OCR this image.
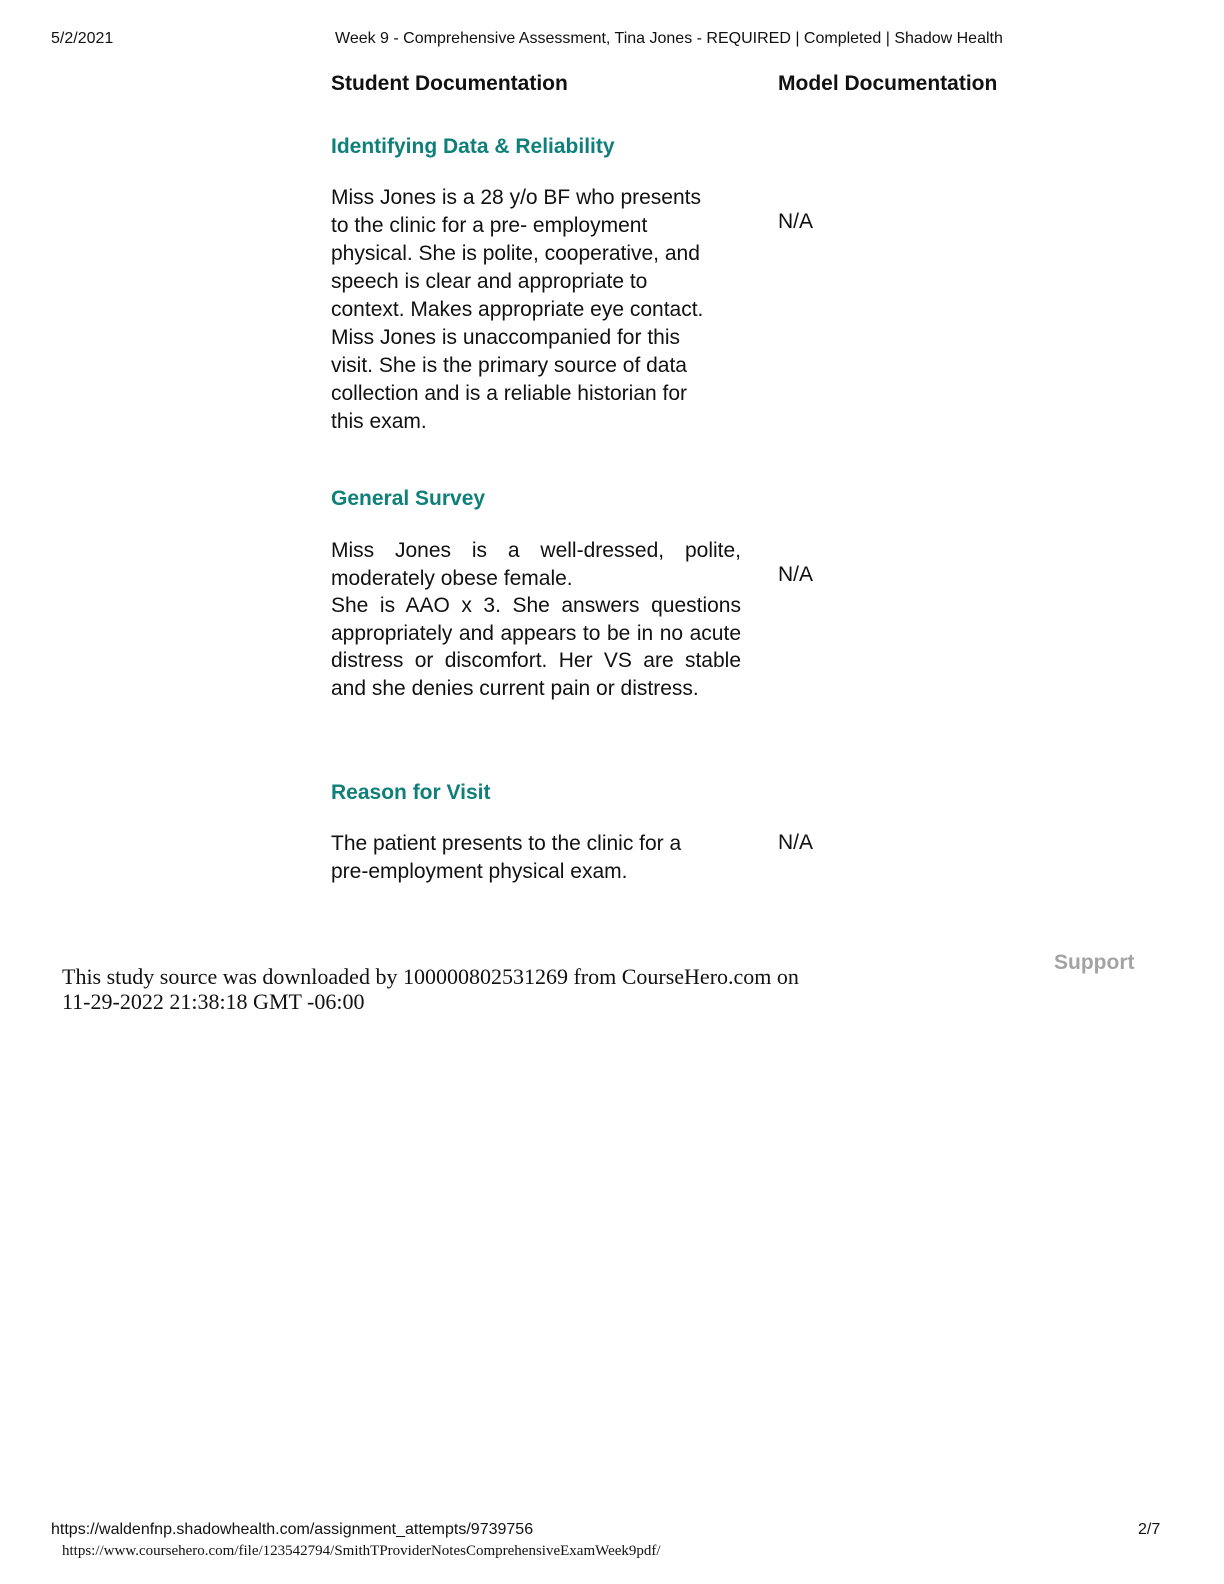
5/2/2021	Week 9 - Comprehensive Assessment, Tina Jones - REQUIRED | Completed | Shadow Health
Student Documentation	Model Documentation
Identifying Data & Reliability
Miss Jones is a 28 y/o BF who presents
to the clinic for a pre- employment
physical. She is polite, cooperative, and
speech is clear and appropriate to
context. Makes appropriate eye contact.
Miss Jones is unaccompanied for this
visit. She is the primary source of data
collection and is a reliable historian for
this exam.
N/A
General Survey
Miss Jones is a well-dressed, polite, moderately obese female.
She is AAO x 3. She answers questions appropriately and appears to be in no acute distress or discomfort. Her VS are stable and she denies current pain or distress.
N/A
Reason for Visit
The patient presents to the clinic for a
pre-employment physical exam.
N/A
This study source was downloaded by 100000802531269 from CourseHero.com on
11-29-2022 21:38:18 GMT -06:00
Support
https://waldenfnp.shadowhealth.com/assignment_attempts/9739756	2/7
https://www.coursehero.com/file/123542794/SmithTProviderNotesComprehensiveExamWeek9pdf/
